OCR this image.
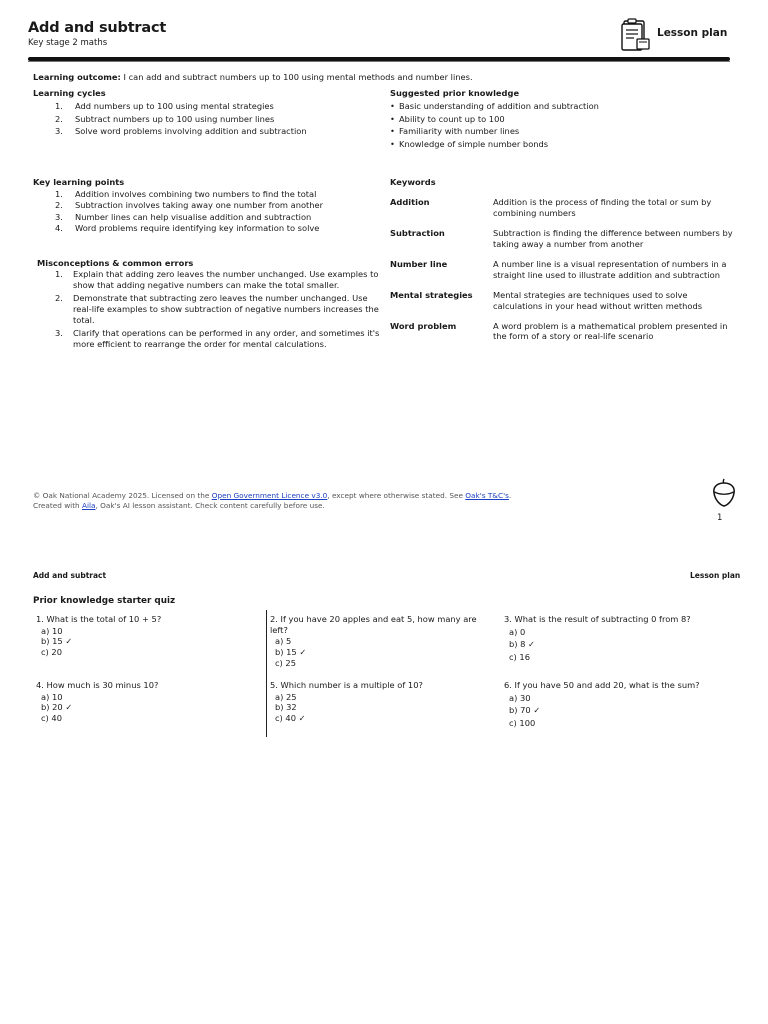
Add and subtract
Key stage 2 maths
Lesson plan
Learning outcome: I can add and subtract numbers up to 100 using mental methods and number lines.
Learning cycles
1. Add numbers up to 100 using mental strategies
2. Subtract numbers up to 100 using number lines
3. Solve word problems involving addition and subtraction
Suggested prior knowledge
• Basic understanding of addition and subtraction
• Ability to count up to 100
• Familiarity with number lines
• Knowledge of simple number bonds
Key learning points
1. Addition involves combining two numbers to find the total
2. Subtraction involves taking away one number from another
3. Number lines can help visualise addition and subtraction
4. Word problems require identifying key information to solve
Misconceptions & common errors
1. Explain that adding zero leaves the number unchanged. Use examples to show that adding negative numbers can make the total smaller.
2. Demonstrate that subtracting zero leaves the number unchanged. Use real-life examples to show subtraction of negative numbers increases the total.
3. Clarify that operations can be performed in any order, and sometimes it's more efficient to rearrange the order for mental calculations.
Keywords
Addition	Addition is the process of finding the total or sum by combining numbers
Subtraction	Subtraction is finding the difference between numbers by taking away a number from another
Number line	A number line is a visual representation of numbers in a straight line used to illustrate addition and subtraction
Mental strategies	Mental strategies are techniques used to solve calculations in your head without written methods
Word problem	A word problem is a mathematical problem presented in the form of a story or real-life scenario
© Oak National Academy 2025. Licensed on the Open Government Licence v3.0, except where otherwise stated. See Oak's T&C's.
Created with Aila, Oak's AI lesson assistant. Check content carefully before use.
1
Add and subtract	Lesson plan
Prior knowledge starter quiz
1. What is the total of 10 + 5?
a) 10
b) 15 ✓
c) 20
2. If you have 20 apples and eat 5, how many are left?
a) 5
b) 15 ✓
c) 25
3. What is the result of subtracting 0 from 8?
a) 0
b) 8 ✓
c) 16
4. How much is 30 minus 10?
a) 10
b) 20 ✓
c) 40
5. Which number is a multiple of 10?
a) 25
b) 32
c) 40 ✓
6. If you have 50 and add 20, what is the sum?
a) 30
b) 70 ✓
c) 100
